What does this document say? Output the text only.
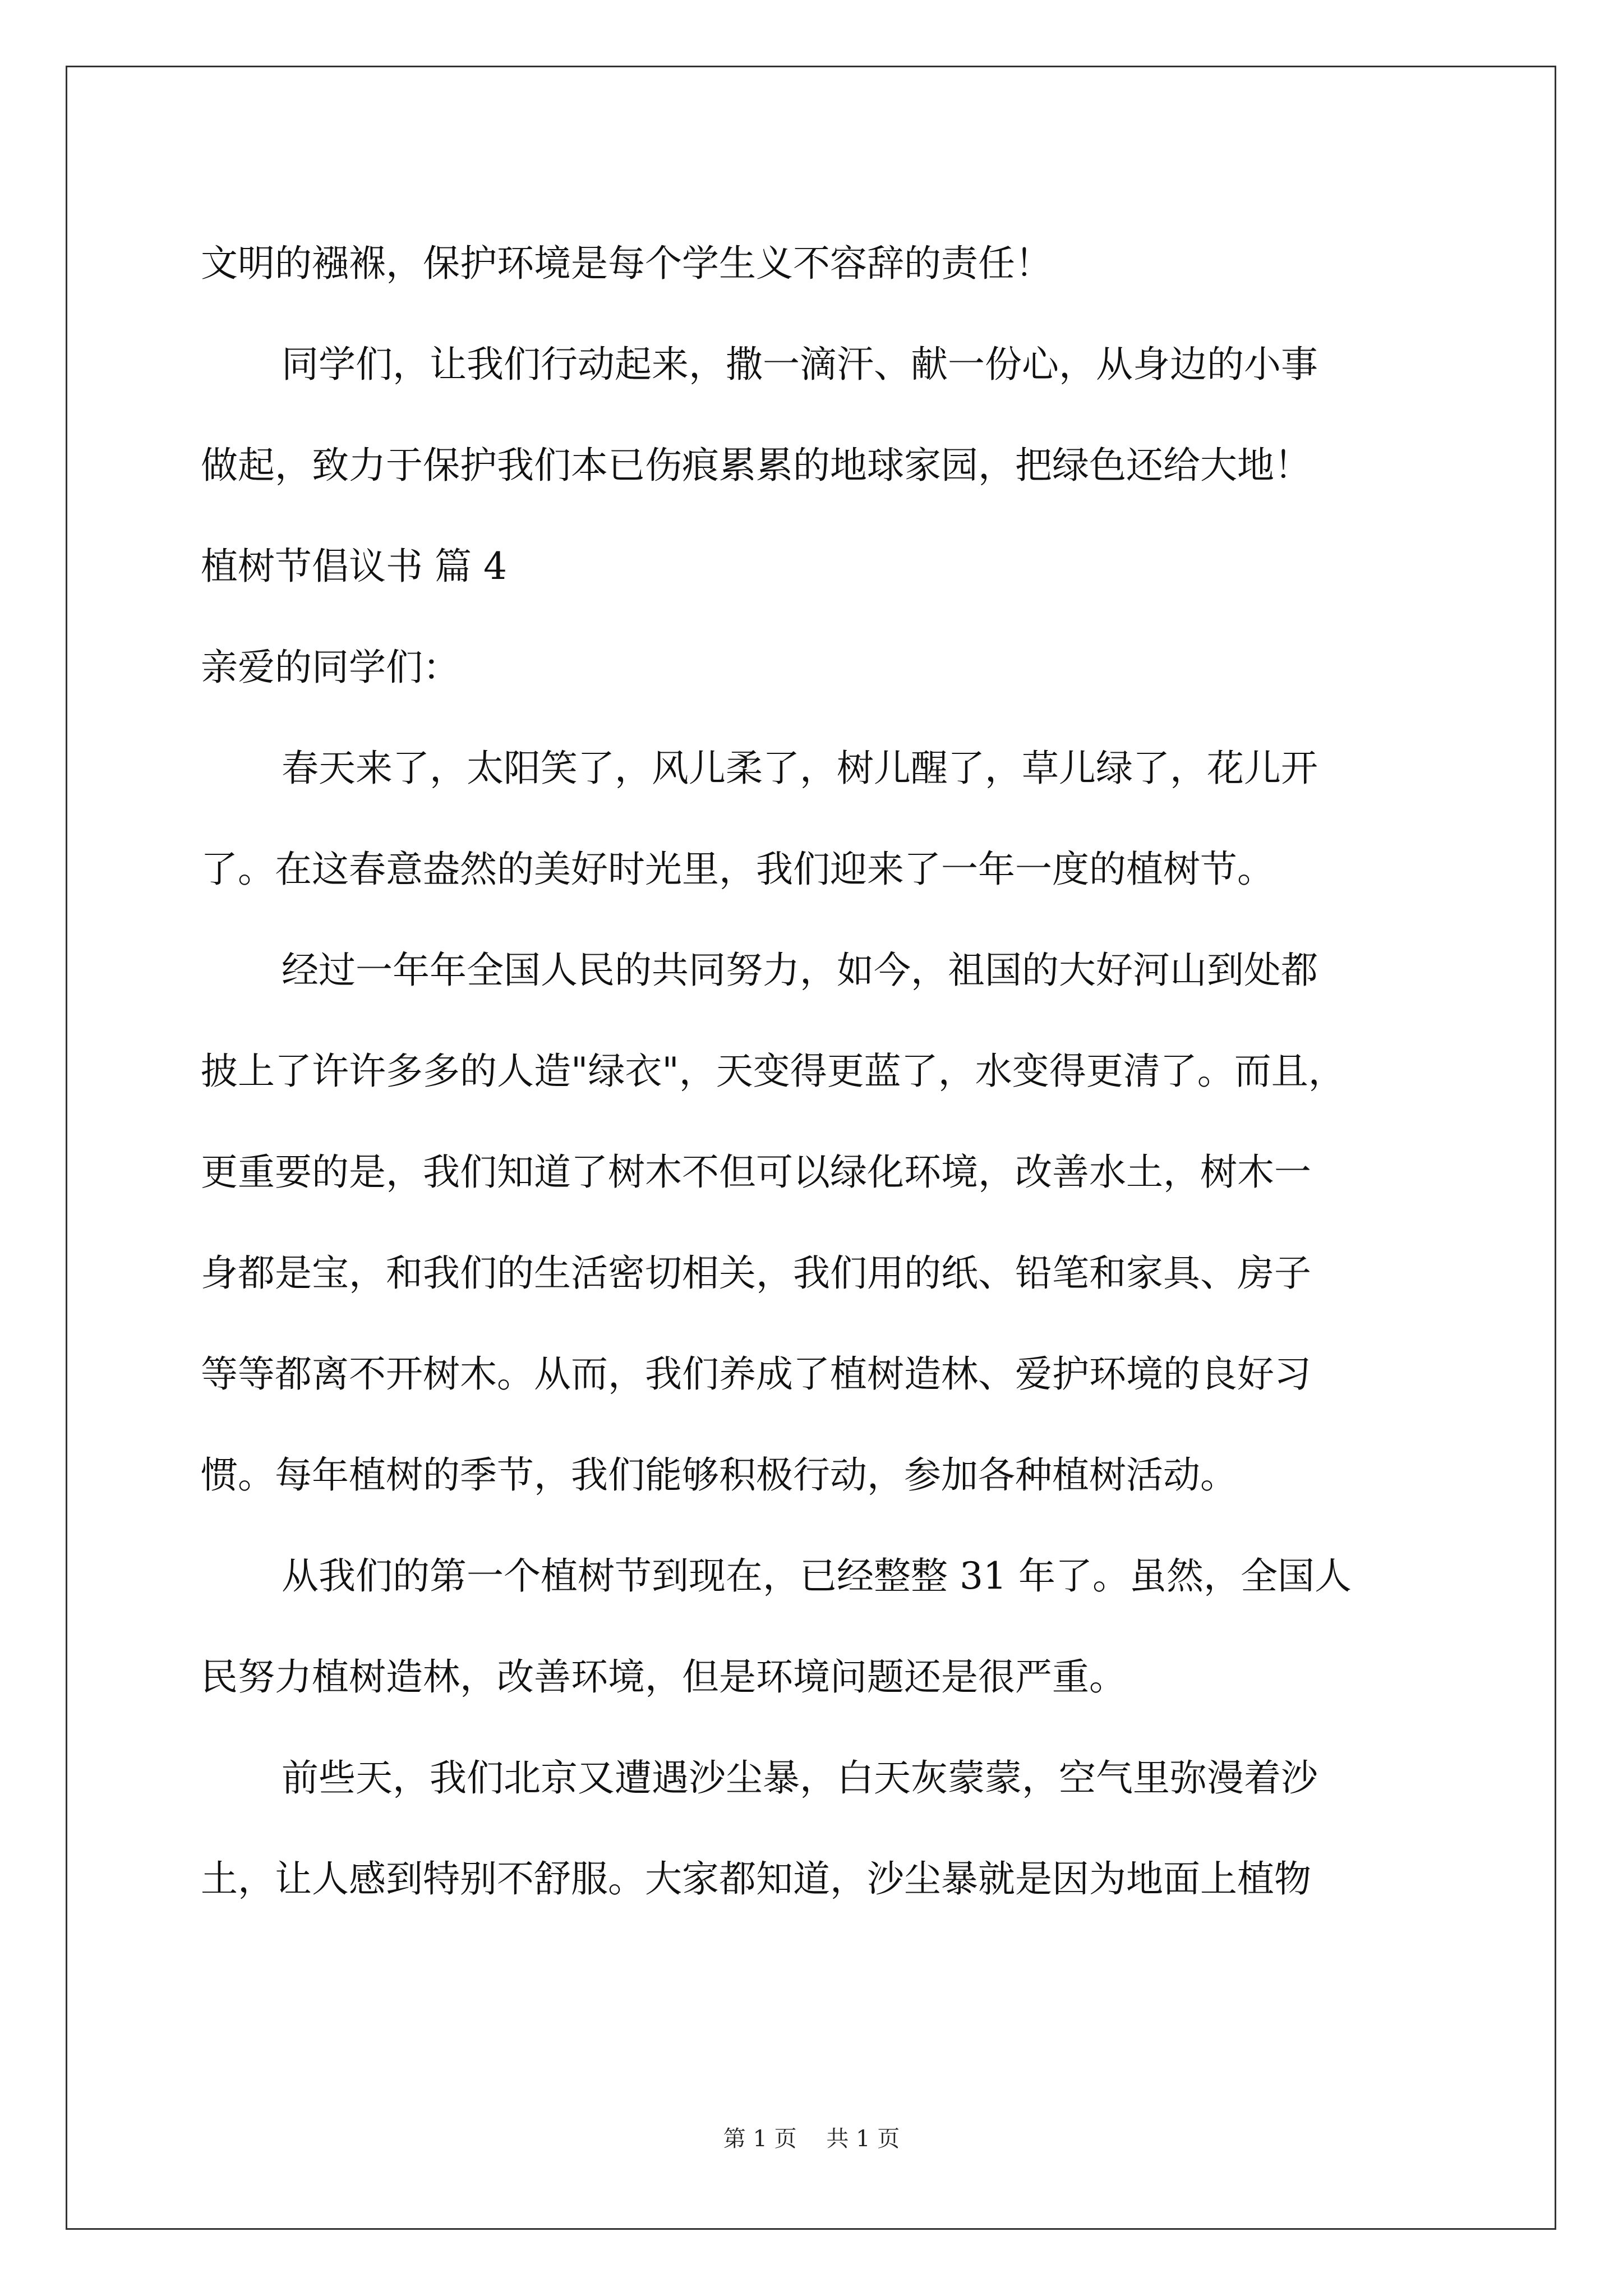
文明的襁褓，保护环境是每个学生义不容辞的责任！
同学们，让我们行动起来，撒一滴汗、献一份心，从身边的小事
做起，致力于保护我们本已伤痕累累的地球家园，把绿色还给大地！
植树节倡议书 篇 4
亲爱的同学们：
春天来了，太阳笑了，风儿柔了，树儿醒了，草儿绿了，花儿开
了。在这春意盎然的美好时光里，我们迎来了一年一度的植树节。
经过一年年全国人民的共同努力，如今，祖国的大好河山到处都
披上了许许多多的人造"绿衣"，天变得更蓝了，水变得更清了。而且，
更重要的是，我们知道了树木不但可以绿化环境，改善水土，树木一
身都是宝，和我们的生活密切相关，我们用的纸、铅笔和家具、房子
等等都离不开树木。从而，我们养成了植树造林、爱护环境的良好习
惯。每年植树的季节，我们能够积极行动，参加各种植树活动。
从我们的第一个植树节到现在，已经整整 31 年了。虽然，全国人
民努力植树造林，改善环境，但是环境问题还是很严重。
前些天，我们北京又遭遇沙尘暴，白天灰蒙蒙，空气里弥漫着沙
土，让人感到特别不舒服。大家都知道，沙尘暴就是因为地面上植物
第 1 页 共 1 页
